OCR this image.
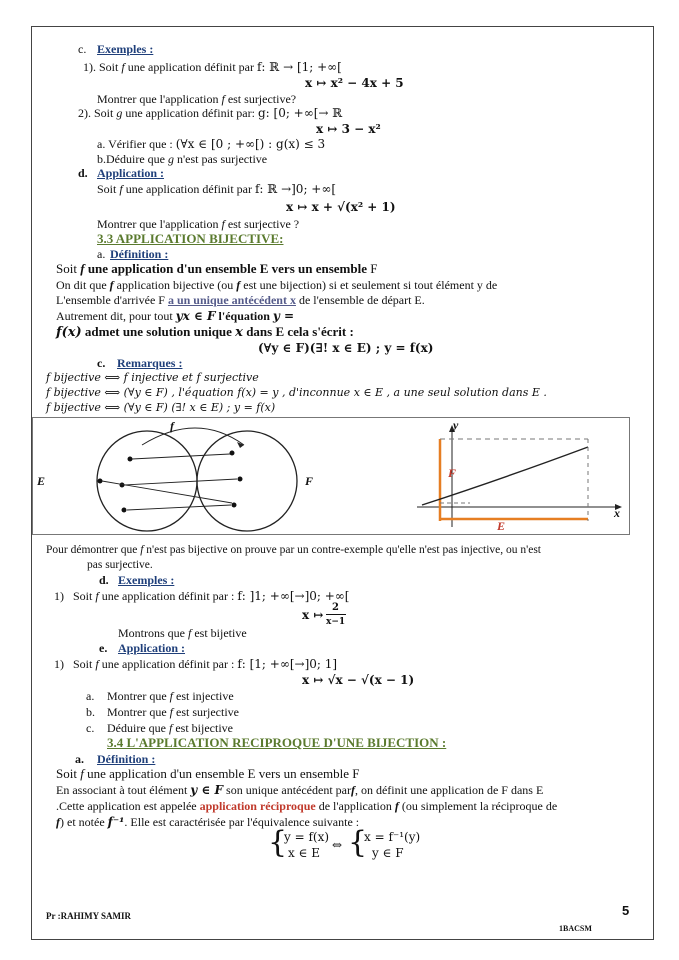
c. Exemples :
1). Soit f une application définit par f: ℝ → [1; +∞[
x ↦ x² − 4x + 5
Montrer que l'application f est surjective?
2). Soit g une application définit par: g: [0; +∞[→ ℝ
x ↦ 3 − x²
a. Vérifier que : (∀x ∈ [0 ; +∞[) : g(x) ≤ 3
b.Déduire que g n'est pas surjective
d. Application :
Soit f une application définit par f: ℝ →]0; +∞[
x ↦ x + √(x² + 1)
Montrer que l'application f est surjective ?
3.3 APPLICATION BIJECTIVE:
a. Définition :
Soit f une application d'un ensemble E vers un ensemble F
On dit que f application bijective (ou f est une bijection) si et seulement si tout élément y de
L'ensemble d'arrivée F a un unique antécédent x de l'ensemble de départ E.
Autrement dit, pour tout yx ∈ F l'équation y =
f(x) admet une solution unique x dans E cela s'écrit :
(∀y ∈ F)(∃! x ∈ E) ; y = f(x)
c. Remarques :
f bijective ⟺ f injective et f surjective
f bijective ⟺ (∀y ∈ F) , l'équation f(x) = y , d'inconnue x ∈ E , a une seul solution dans E .
f bijective ⟺ (∀y ∈ F) (∃! x ∈ E) ; y = f(x)
f
E	F
y
x
F
E
Pour démontrer que f n'est pas bijective on prouve par un contre-exemple qu'elle n'est pas injective, ou n'est
pas surjective.
d. Exemples :
1) Soit f une application définit par : f: ]1; +∞[→]0; +∞[
x ↦
2
x−1
Montrons que f est bijetive
e. Application :
1) Soit f une application définit par : f: [1; +∞[→]0; 1]
x ↦ √x − √(x − 1)
a. Montrer que f est injective
b. Montrer que f est surjective
c. Déduire que f est bijective
3.4 L'APPLICATION RECIPROQUE D'UNE BIJECTION :
a. Définition :
Soit f une application d'un ensemble E vers un ensemble F
En associant à tout élément y ∈ F son unique antécédent parf, on définit une application de F dans E
.Cette application est appelée application réciproque de l'application f (ou simplement la réciproque de
f) et notée f⁻¹. Elle est caractérisée par l'équivalence suivante :
{
y = f(x)
x ∈ E
⇔ {
x = f⁻¹(y)
y ∈ F
Pr :RAHIMY SAMIR	5
1BACSM
